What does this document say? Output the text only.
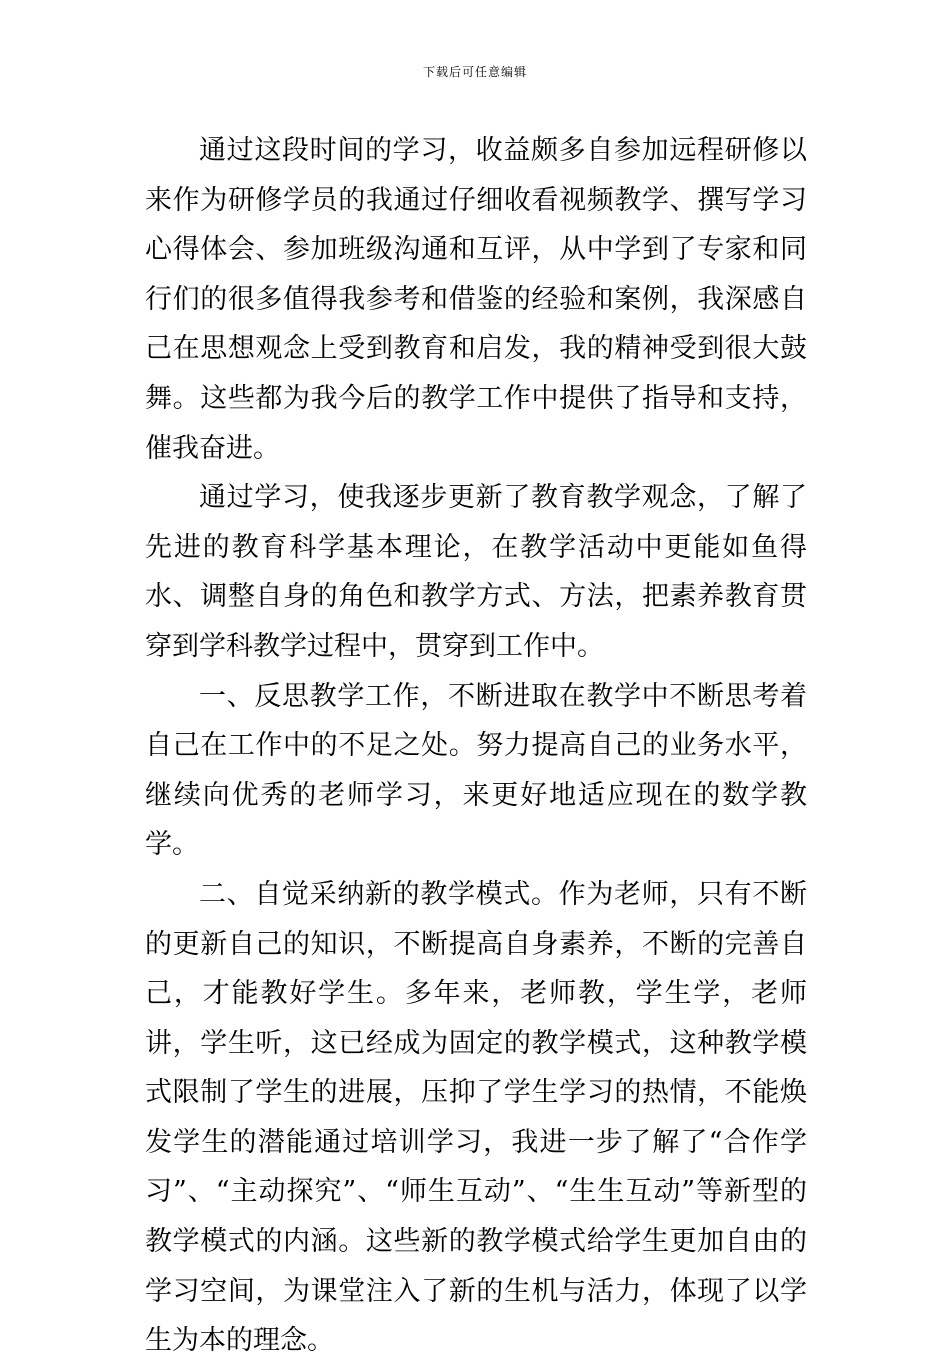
下载后可任意编辑

通过这段时间的学习，收益颇多自参加远程研修以来作为研修学员的我通过仔细收看视频教学、撰写学习心得体会、参加班级沟通和互评，从中学到了专家和同行们的很多值得我参考和借鉴的经验和案例，我深感自己在思想观念上受到教育和启发，我的精神受到很大鼓舞。这些都为我今后的教学工作中提供了指导和支持，催我奋进。

通过学习，使我逐步更新了教育教学观念，了解了先进的教育科学基本理论，在教学活动中更能如鱼得水、调整自身的角色和教学方式、方法，把素养教育贯穿到学科教学过程中，贯穿到工作中。

一、反思教学工作，不断进取在教学中不断思考着自己在工作中的不足之处。努力提高自己的业务水平，继续向优秀的老师学习，来更好地适应现在的数学教学。

二、自觉采纳新的教学模式。作为老师，只有不断的更新自己的知识，不断提高自身素养，不断的完善自己，才能教好学生。多年来，老师教，学生学，老师讲，学生听，这已经成为固定的教学模式，这种教学模式限制了学生的进展，压抑了学生学习的热情，不能焕发学生的潜能通过培训学习，我进一步了解了“合作学习”、“主动探究”、“师生互动”、“生生互动”等新型的教学模式的内涵。这些新的教学模式给学生更加自由的学习空间，为课堂注入了新的生机与活力，体现了以学生为本的理念。
